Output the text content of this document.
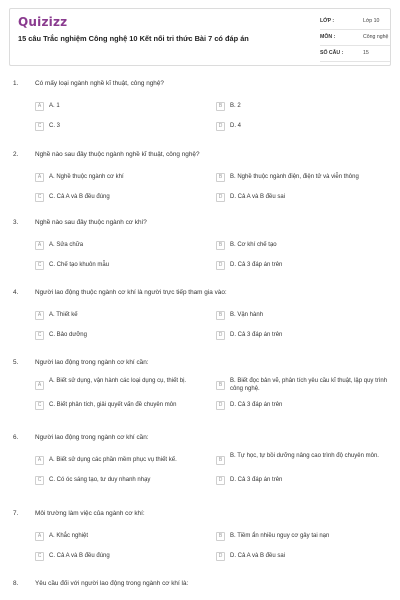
Quizizz
15 câu Trắc nghiệm Công nghệ 10 Kết nối tri thức Bài 7 có đáp án
LỚP :	Lớp 10
MÔN :	Công nghệ
SỐ CÂU :	15
1.	Có mấy loại ngành nghề kĩ thuật, công nghệ?
A	A. 1	B	B. 2
C	C. 3	D	D. 4
2.	Nghề nào sau đây thuộc ngành nghề kĩ thuật, công nghệ?
A	A. Nghề thuộc ngành cơ khí	B	B. Nghề thuộc ngành điện, điện tử và viễn thông
C	C. Cả A và B đều đúng	D	D. Cả A và B đều sai
3.	Nghề nào sau đây thuộc ngành cơ khí?
A	A. Sửa chữa	B	B. Cơ khí chế tạo
C	C. Chế tạo khuôn mẫu	D	D. Cả 3 đáp án trên
4.	Người lao động thuộc ngành cơ khí là người trực tiếp tham gia vào:
A	A. Thiết kế	B	B. Vận hành
C	C. Bảo dưỡng	D	D. Cả 3 đáp án trên
5.	Người lao động trong ngành cơ khí cần:
A
A. Biết sử dụng, vận hành các loại dụng cụ, thiết bị.
B
B. Biết đọc bản vẽ, phân tích yêu cầu kĩ thuật, lập quy trình công nghệ.
C	C. Biết phân tích, giải quyết vấn đề chuyên môn	D	D. Cả 3 đáp án trên
6.	Người lao động trong ngành cơ khí cần:
A	A. Biết sử dụng các phần mềm phục vụ thiết kế.	B
B. Tự học, tự bồi dưỡng nâng cao trình độ chuyên môn.
C	C. Có óc sáng tạo, tư duy nhanh nhạy	D	D. Cả 3 đáp án trên
7.	Môi trường làm việc của ngành cơ khí:
A	A. Khắc nghiệt	B	B. Tiềm ẩn nhiều nguy cơ gây tai nạn
C	C. Cả A và B đều đúng	D	D. Cả A và B đều sai
8.	Yêu cầu đối với người lao động trong ngành cơ khí là:
